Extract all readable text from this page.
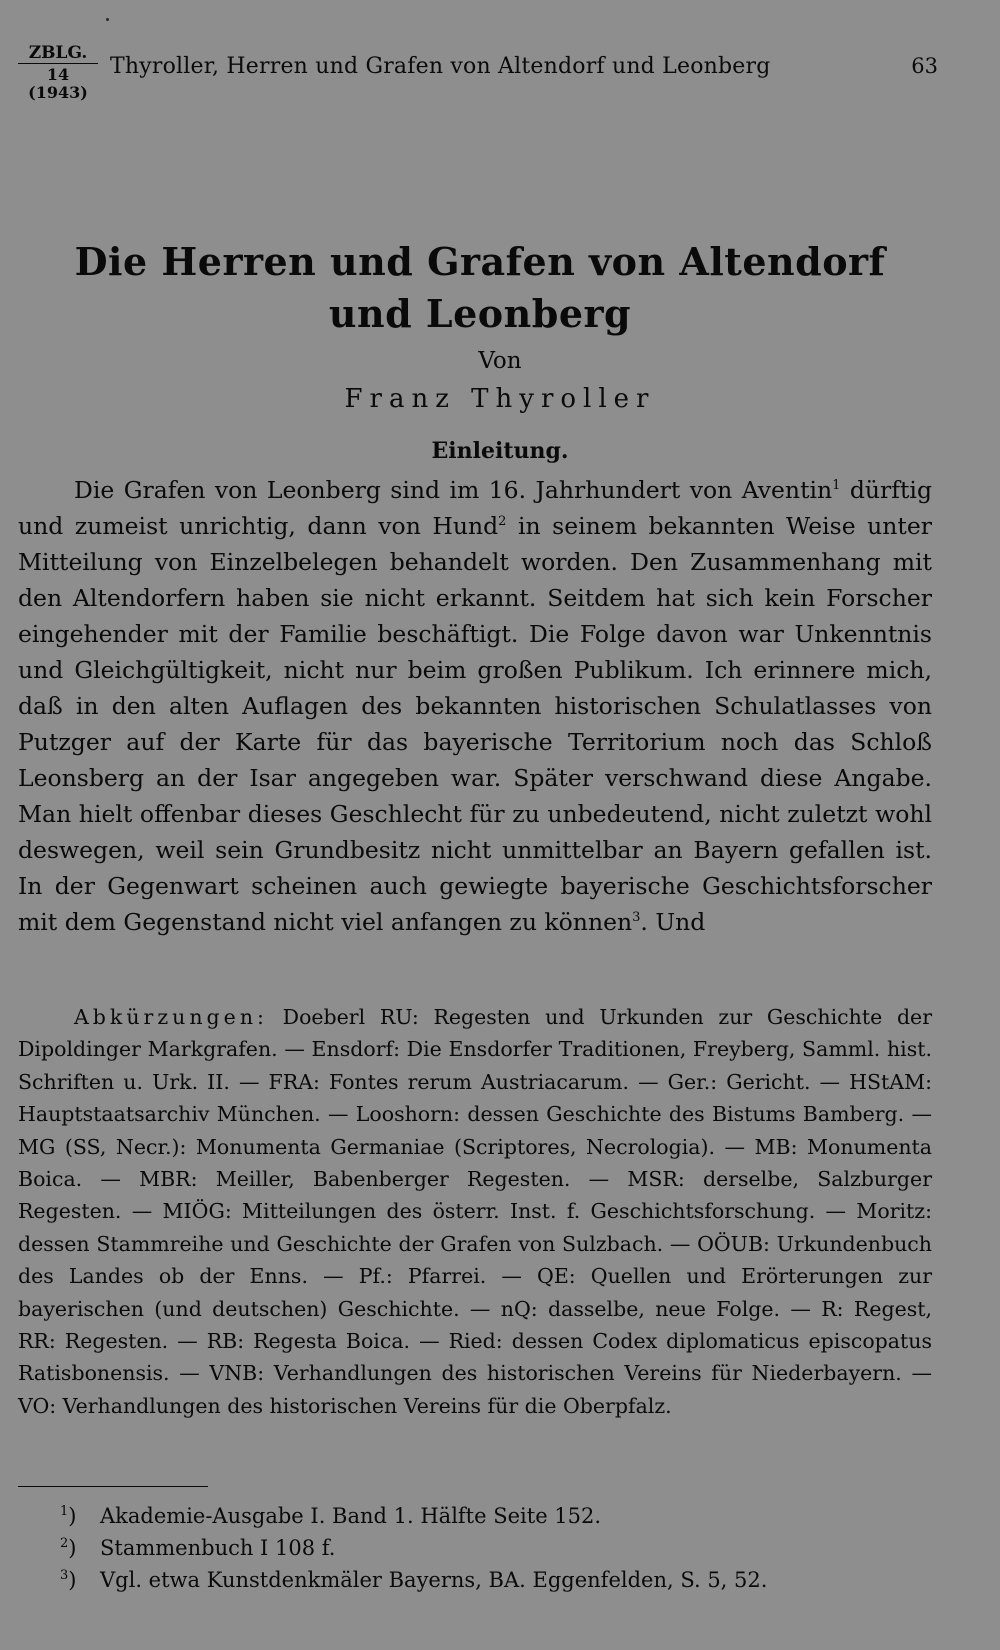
ZBLG.
14 (1943)
Thyroller, Herren und Grafen von Altendorf und Leonberg	63
Die Herren und Grafen von Altendorf
und Leonberg
Von
Franz Thyroller
Einleitung.

Die Grafen von Leonberg sind im 16. Jahrhundert von Aventin$^1$ dürftig und zumeist unrichtig, dann von Hund$^2$ in seinem bekannten Weise unter Mitteilung von Einzelbelegen behandelt worden. Den Zusammenhang mit den Altendorfern haben sie nicht erkannt. Seitdem hat sich kein Forscher eingehender mit der Familie beschäftigt. Die Folge davon war Unkenntnis und Gleichgültigkeit, nicht nur beim großen Publikum. Ich erinnere mich, daß in den alten Auflagen des bekannten historischen Schulatlasses von Putzger auf der Karte für das bayerische Territorium noch das Schloß Leonsberg an der Isar angegeben war. Später verschwand diese Angabe. Man hielt offenbar dieses Geschlecht für zu unbedeutend, nicht zuletzt wohl deswegen, weil sein Grundbesitz nicht unmittelbar an Bayern gefallen ist. In der Gegenwart scheinen auch gewiegte bayerische Geschichtsforscher mit dem Gegenstand nicht viel anfangen zu können$^3$. Und

Abkürzungen: Doeberl RU: Regesten und Urkunden zur Geschichte der Dipoldinger Markgrafen. — Ensdorf: Die Ensdorfer Traditionen, Freyberg, Samml. hist. Schriften u. Urk. II. — FRA: Fontes rerum Austriacarum. — Ger.: Gericht. — HStAM: Hauptstaatsarchiv München. — Looshorn: dessen Geschichte des Bistums Bamberg. — MG (SS, Necr.): Monumenta Germaniae (Scriptores, Necrologia). — MB: Monumenta Boica. — MBR: Meiller, Babenberger Regesten. — MSR: derselbe, Salzburger Regesten. — MIÖG: Mitteilungen des österr. Inst. f. Geschichtsforschung. — Moritz: dessen Stammreihe und Geschichte der Grafen von Sulzbach. — OÖUB: Urkundenbuch des Landes ob der Enns. — Pf.: Pfarrei. — QE: Quellen und Erörterungen zur bayerischen (und deutschen) Geschichte. — nQ: dasselbe, neue Folge. — R: Regest, RR: Regesten. — RB: Regesta Boica. — Ried: dessen Codex diplomaticus episcopatus Ratisbonensis. — VNB: Verhandlungen des historischen Vereins für Niederbayern. — VO: Verhandlungen des historischen Vereins für die Oberpfalz.

$^1$) Akademie-Ausgabe I. Band 1. Hälfte Seite 152.
$^2$) Stammenbuch I 108 f.
$^3$) Vgl. etwa Kunstdenkmäler Bayerns, BA. Eggenfelden, S. 5, 52.
